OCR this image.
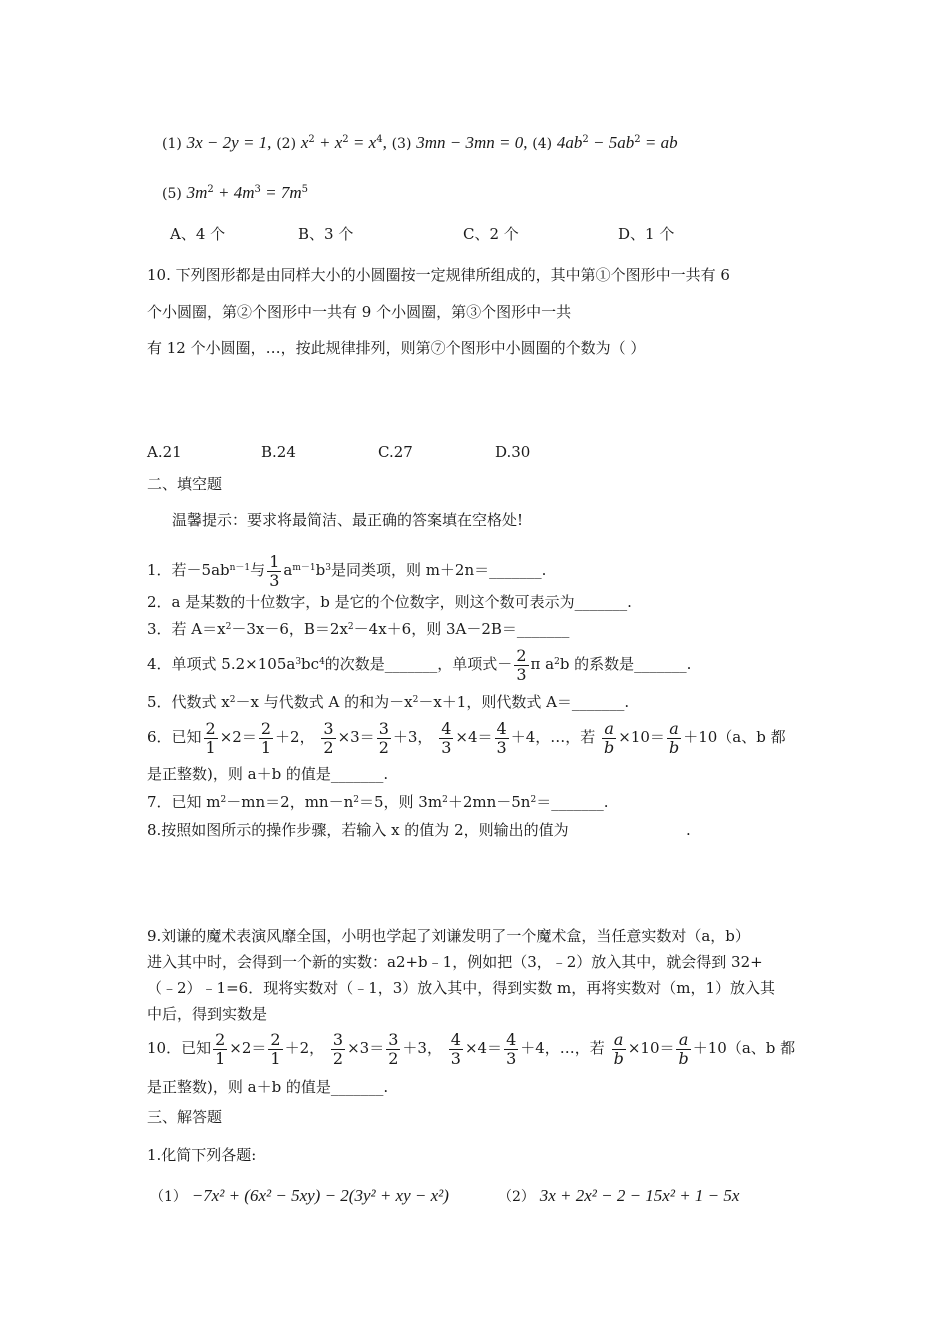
(1) 3x − 2y = 1, (2) $x^2 + x^2 = x^4$, (3) 3mn − 3mn = 0, (4) $4ab^2 - 5ab^2$ = ab
(5) $3m^2 + 4m^3 = 7m^5$
A、4 个	B、3 个	C、2 个	D、1 个
10. 下列图形都是由同样大小的小圆圈按一定规律所组成的，其中第①个图形中一共有 6
个小圆圈，第②个图形中一共有 9 个小圆圈，第③个图形中一共
有 12 个小圆圈，…，按此规律排列，则第⑦个图形中小圆圈的个数为（ ）
A.21	B.24	C.27	D.30
二、填空题
温馨提示：要求将最简洁、最正确的答案填在空格处!
1．若$-5ab^{n-1}$与 $\frac{1}{3} a^{m-1}b^3$是同类项，则 m＋2n＝_______.
2．a 是某数的十位数字，b 是它的个位数字，则这个数可表示为_______.
3．若 $A=x^2-3x-6$，$B=2x^2-4x+6$，则 3A－2B＝_______
4．单项式 $5.2\times 105a^3bc^4$的次数是_______，单项式－ $\frac{2}{3}$ π $a^2b$ 的系数是_______.
5．代数式 $x^2-x$ 与代数式 A 的和为$-x^2-x+1$，则代数式 A＝_______.
6．已知 $\frac{2}{1} \times 2= \frac{2}{1} +2$， $\frac{3}{2} \times 3= \frac{3}{2} +3$， $\frac{4}{3} \times 4= \frac{4}{3} +4$，…，若 $\frac{a}{b} \times 10= \frac{a}{b} +10(a$、b 都
是正整数)，则 a＋b 的值是_______.
7．已知 $m^2-mn=2$，$mn-n^2=5$，则 $3m^2+2mn-5n^2=\_\_\_\_\_\_\_$.
8.按照如图所示的操作步骤，若输入 x 的值为 2，则输出的值为	.
9.刘谦的魔术表演风靡全国，小明也学起了刘谦发明了一个魔术盒，当任意实数对（a，b）
进入其中时，会得到一个新的实数：a2+b﹣1，例如把（3，﹣2）放入其中，就会得到 32+
（﹣2）﹣1=6．现将实数对（﹣1，3）放入其中，得到实数 m，再将实数对（m，1）放入其
中后，得到实数是
10．已知 $\frac{2}{1} \times 2= \frac{2}{1} +2$， $\frac{3}{2} \times 3= \frac{3}{2} +3$， $\frac{4}{3} \times 4= \frac{4}{3} +4$，…，若 $\frac{a}{b} \times 10= \frac{a}{b} +10(a$、b 都
是正整数)，则 a＋b 的值是_______.
三、解答题
1.化简下列各题:
（1） −7x² + (6x² − 5xy) − 2(3y² + xy − x²)	（2） 3x + 2x² − 2 − 15x² + 1 − 5x
